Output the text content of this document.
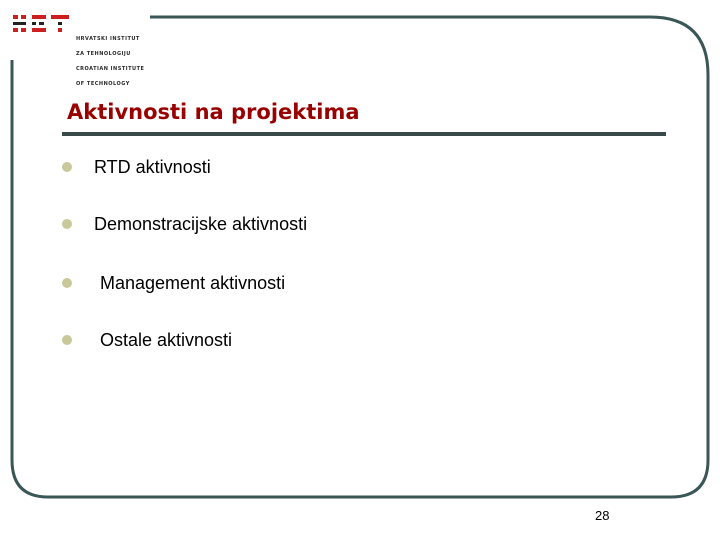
HRVATSKI INSTITUT

ZA TEHNOLOGIJU

CROATIAN INSTITUTE

OF TECHNOLOGY

Aktivnosti na projektima
RTD aktivnosti
Demonstracijske aktivnosti
Management aktivnosti
Ostale aktivnosti
28
